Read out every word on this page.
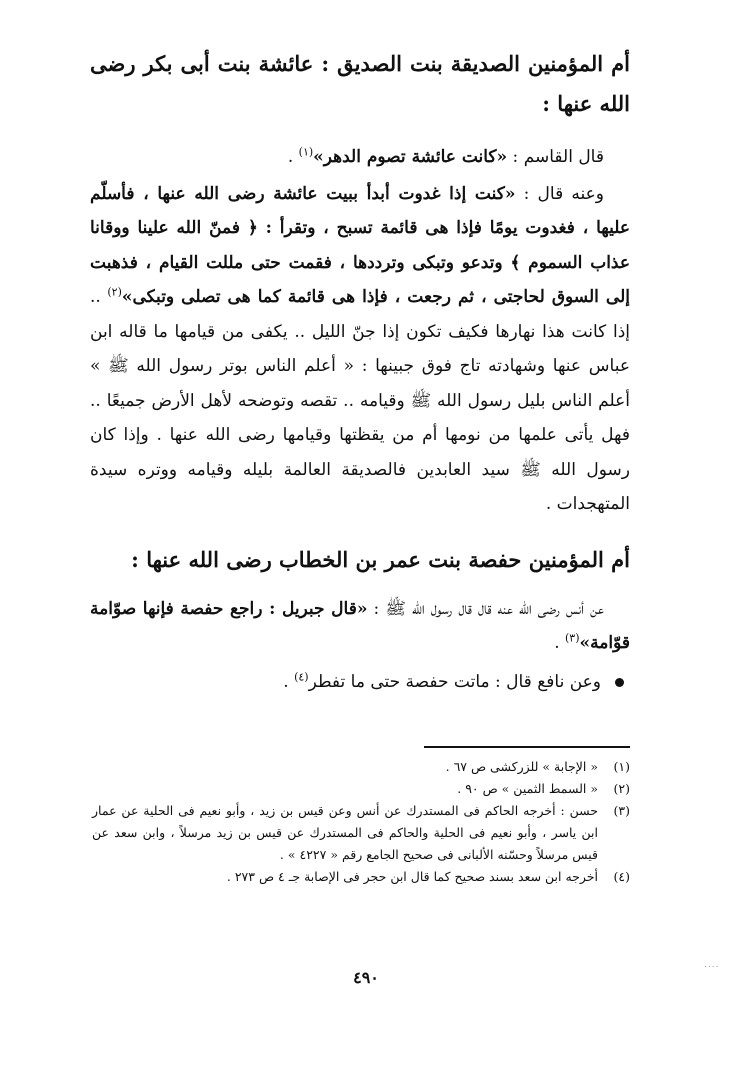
أم المؤمنين الصديقة بنت الصديق : عائشة بنت أبى بكر رضى الله عنها :

قال القاسم : «كانت عائشة تصوم الدهر»$^{(١)}$ .

وعنه قال : «كنت إذا غدوت أبدأ ببيت عائشة رضى الله عنها ، فأسلّم عليها ، فغدوت يومًا فإذا هى قائمة تسبح ، وتقرأ : ﴿ فمنّ الله علينا ووقانا عذاب السموم ﴾ وتدعو وتبكى وترددها ، فقمت حتى مللت القيام ، فذهبت إلى السوق لحاجتى ، ثم رجعت ، فإذا هى قائمة كما هى تصلى وتبكى»$^{(٢)}$ .. إذا كانت هذا نهارها فكيف تكون إذا جنّ الليل .. يكفى من قيامها ما قاله ابن عباس عنها وشهادته تاج فوق جبينها : « أعلم الناس بوتر رسول الله ﷺ » أعلم الناس بليل رسول الله ﷺ وقيامه .. تقصه وتوضحه لأهل الأرض جميعًا .. فهل يأتى علمها من نومها أم من يقظتها وقيامها رضى الله عنها . وإذا كان رسول الله ﷺ سيد العابدين فالصديقة العالمة بليله وقيامه ووتره سيدة المتهجدات .

أم المؤمنين حفصة بنت عمر بن الخطاب رضى الله عنها :

عن أنس رضى الله عنه قال قال رسول الله ﷺ : «قال جبريل : راجع حفصة فإنها صوّامة قوّامة»$^{(٣)}$ .

وعن نافع قال : ماتت حفصة حتى ما تفطر$^{(٤)}$ .

(١)
« الإجابة » للزركشى ص ٦٧ .
(٢)
« السمط الثمين » ص ٩٠ .
(٣)
حسن : أخرجه الحاكم فى المستدرك عن أنس وعن قيس بن زيد ، وأبو نعيم فى الحلية عن عمار ابن ياسر ، وأبو نعيم فى الحلية والحاكم فى المستدرك عن قيس بن زيد مرسلاً ، وابن سعد عن قيس مرسلاً وحسّنه الألبانى فى صحيح الجامع رقم « ٤٢٢٧ » .
(٤)
أخرجه ابن سعد بسند صحيح كما قال ابن حجر فى الإصابة جـ ٤ ص ٢٧٣ .
٤٩٠
....
